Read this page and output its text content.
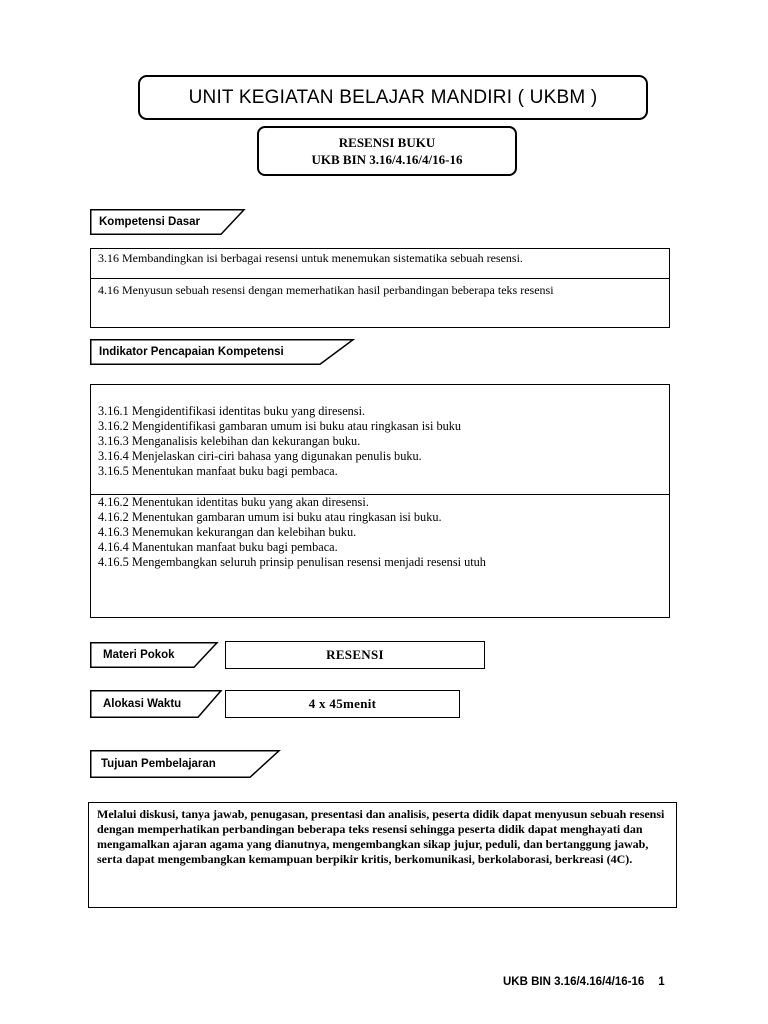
UNIT KEGIATAN BELAJAR MANDIRI ( UKBM )
RESENSI BUKU
UKB BIN 3.16/4.16/4/16-16
Kompetensi Dasar
3.16 Membandingkan isi berbagai resensi untuk menemukan sistematika sebuah resensi.
4.16 Menyusun sebuah resensi dengan memerhatikan hasil perbandingan beberapa teks resensi
Indikator Pencapaian Kompetensi
3.16.1 Mengidentifikasi identitas buku yang diresensi.
3.16.2 Mengidentifikasi gambaran umum isi buku atau ringkasan isi buku
3.16.3 Menganalisis kelebihan dan kekurangan buku.
3.16.4 Menjelaskan ciri-ciri bahasa yang digunakan penulis buku.
3.16.5 Menentukan manfaat buku bagi pembaca.
4.16.2 Menentukan identitas buku yang akan diresensi.
4.16.2 Menentukan gambaran umum isi buku atau ringkasan isi buku.
4.16.3 Menemukan kekurangan dan kelebihan buku.
4.16.4 Manentukan manfaat buku bagi pembaca.
4.16.5 Mengembangkan seluruh prinsip penulisan resensi menjadi resensi utuh
Materi Pokok	RESENSI
Alokasi Waktu	4 x 45menit
Tujuan Pembelajaran
Melalui diskusi, tanya jawab, penugasan, presentasi dan analisis, peserta didik dapat menyusun sebuah resensi dengan memperhatikan perbandingan beberapa teks resensi sehingga peserta didik dapat menghayati dan mengamalkan ajaran agama yang dianutnya, mengembangkan sikap jujur, peduli, dan bertanggung jawab, serta dapat mengembangkan kemampuan berpikir kritis, berkomunikasi, berkolaborasi, berkreasi (4C).
UKB BIN 3.16/4.16/4/16-16 1
